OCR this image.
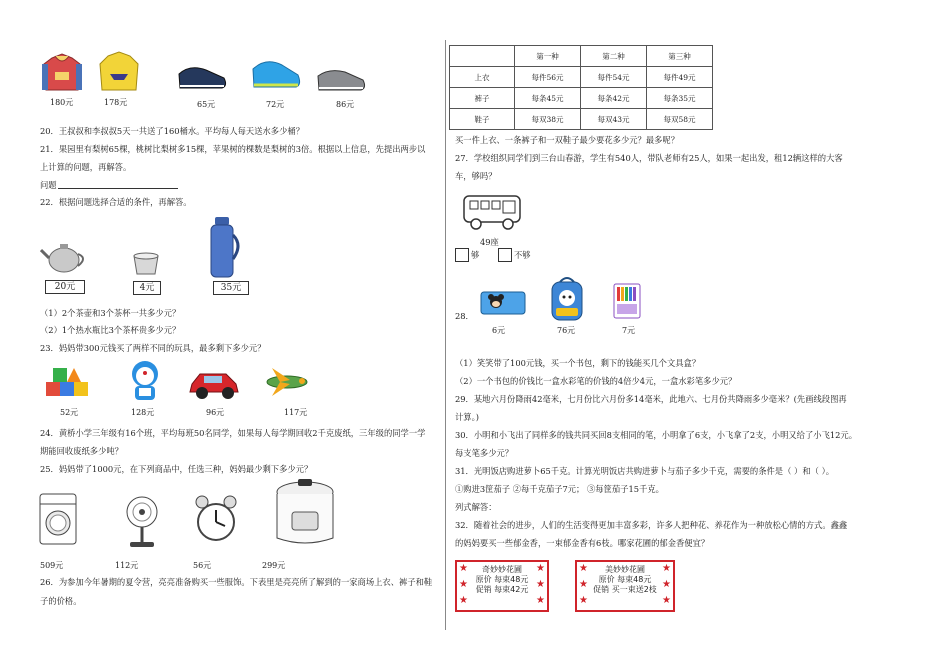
180元	178元	65元	72元	86元
20．王叔叔和李叔叔5天一共送了160桶水。平均每人每天送水多少桶？
21．果园里有梨树65棵，桃树比梨树多15棵，苹果树的棵数是梨树的3倍。根据以上信息，先提出两步以
上计算的问题，再解答。
问题
22．根据问题选择合适的条件，再解答。
20元	4元	35元
（1）2个茶壶和3个茶杯一共多少元？
（2）1个热水瓶比3个茶杯贵多少元？
23．妈妈带300元钱买了两样不同的玩具，最多剩下多少元？
52元	128元	96元	117元
24．黄桥小学三年级有16个班，平均每班50名同学，如果每人每学期回收2千克废纸，三年级的同学一学
期能回收废纸多少吨？
25．妈妈带了1000元，在下列商品中，任选三种，妈妈最少剩下多少元？
509元	112元	56元	299元
26．为参加今年暑期的夏令营，亮亮准备购买一些服饰。下表里是亮亮所了解到的一家商场上衣、裤子和鞋
子的价格。
	第一种	第二种	第三种
上衣	每件56元	每件54元	每件49元
裤子	每条45元	每条42元	每条35元
鞋子	每双38元	每双43元	每双58元
买一件上衣、一条裤子和一双鞋子最少要花多少元？最多呢？
27．学校组织同学们到三台山春游，学生有540人，带队老师有25人，如果一起出发，租12辆这样的大客
车，够吗？
49座
够	不够
28．
6元	76元	7元
（1）笑笑带了100元钱，买一个书包，剩下的钱能买几个文具盒？
（2）一个书包的价钱比一盒水彩笔的价钱的4倍少4元，一盒水彩笔多少元？
29．某地六月份降雨42毫米，七月份比六月份多14毫米，此地六、七月份共降雨多少毫米？(先画线段图再
计算。)
30．小明和小飞出了同样多的钱共同买回8支相同的笔，小明拿了6支，小飞拿了2支，小明又给了小飞12元。
每支笔多少元？
31．光明饭店购进萝卜65千克。计算光明饭店共购进萝卜与茄子多少千克，需要的条件是（ ）和（ ）。
①购进3筐茄子 ②每千克茄子7元； ③每筐茄子15千克。
列式解答：
32．随着社会的进步，人们的生活变得更加丰富多彩，许多人把种花、养花作为一种放松心情的方式。鑫鑫
的妈妈要买一些郁金香，一束郁金香有6枝。哪家花圃的郁金香便宜？
奇妙妙花圃
原价 每束48元
促销 每束42元
★
★
★
★
★
★
美妙妙花圃
原价 每束48元
促销 买一束送2枝
★
★
★
★
★
★
